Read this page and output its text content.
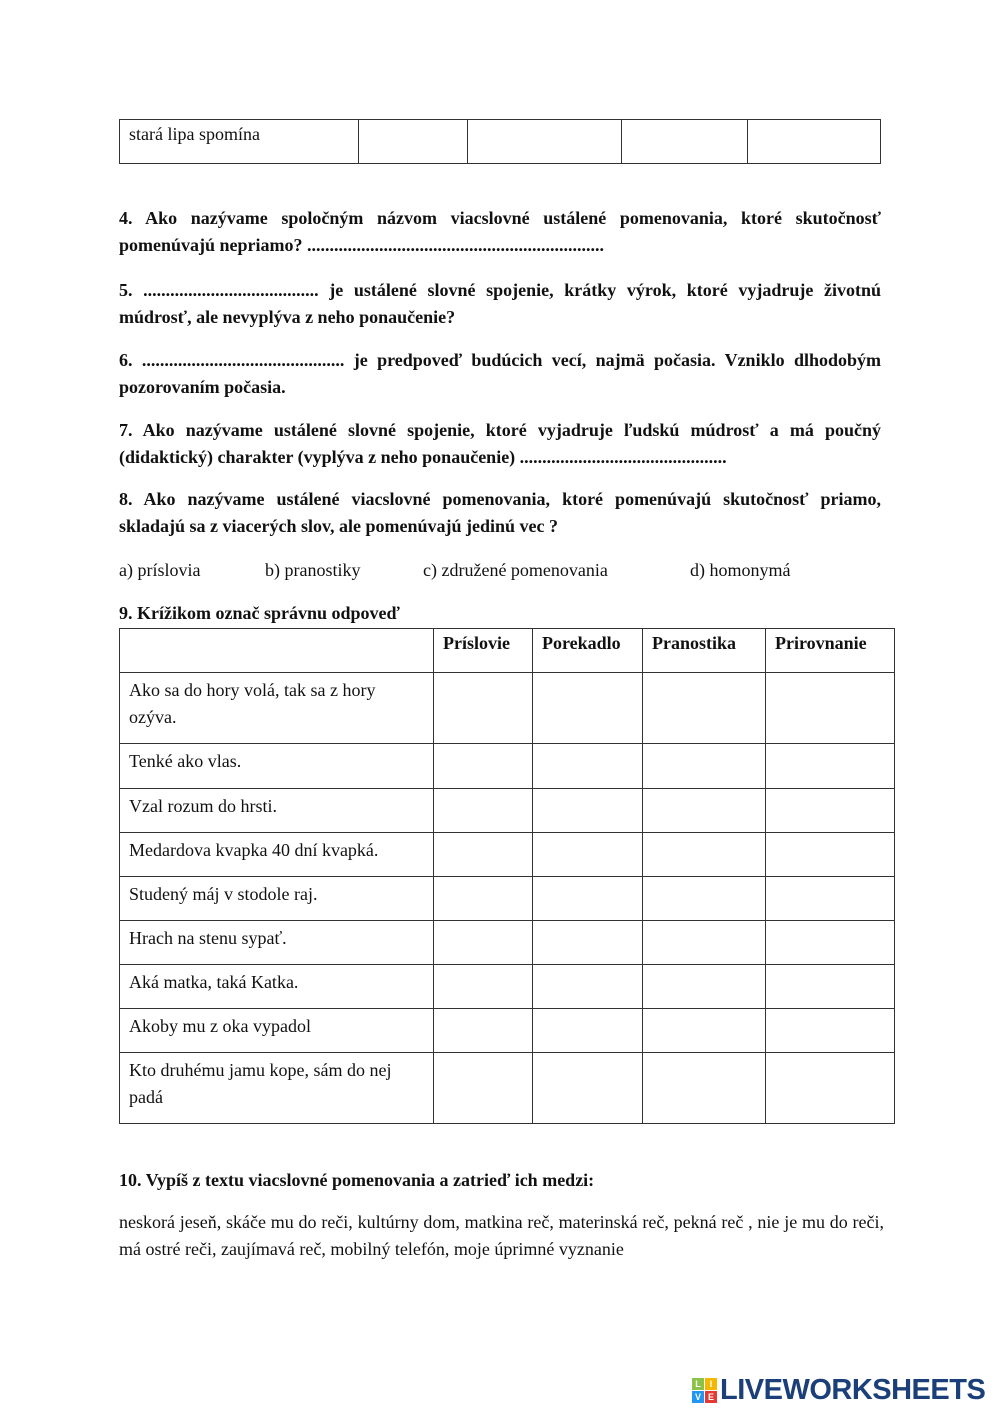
stará lipa spomína				
4. Ako nazývame spoločným názvom viacslovné ustálené pomenovania, ktoré skutočnosť pomenúvajú nepriamo? ..................................................................
5. ....................................... je ustálené slovné spojenie, krátky výrok, ktoré vyjadruje životnú múdrosť, ale nevyplýva z neho ponaučenie?
6. ............................................. je predpoveď budúcich vecí, najmä počasia. Vzniklo dlhodobým pozorovaním počasia.
7. Ako nazývame ustálené slovné spojenie, ktoré vyjadruje ľudskú múdrosť a má poučný (didaktický) charakter (vyplýva z neho ponaučenie) ..............................................
8. Ako nazývame ustálené viacslovné pomenovania, ktoré pomenúvajú skutočnosť priamo, skladajú sa z viacerých slov, ale pomenúvajú jedinú vec ?
a) príslovia	b) pranostiky	c) združené pomenovania	d) homonymá
9. Krížikom označ správnu odpoveď
	Príslovie	Porekadlo	Pranostika	Prirovnanie
Ako sa do hory volá, tak sa z hory ozýva.				
Tenké ako vlas.				
Vzal rozum do hrsti.				
Medardova kvapka 40 dní kvapká.				
Studený máj v stodole raj.				
Hrach na stenu sypať.				
Aká matka, taká Katka.				
Akoby mu z oka vypadol				
Kto druhému jamu kope, sám do nej padá				
10. Vypíš z textu viacslovné pomenovania a zatrieď ich medzi:
neskorá jeseň, skáče mu do reči, kultúrny dom, matkina reč, materinská reč, pekná reč , nie je mu do reči, má ostré reči, zaujímavá reč, mobilný telefón, moje úprimné vyznanie
L I
V E LIVEWORKSHEETS
